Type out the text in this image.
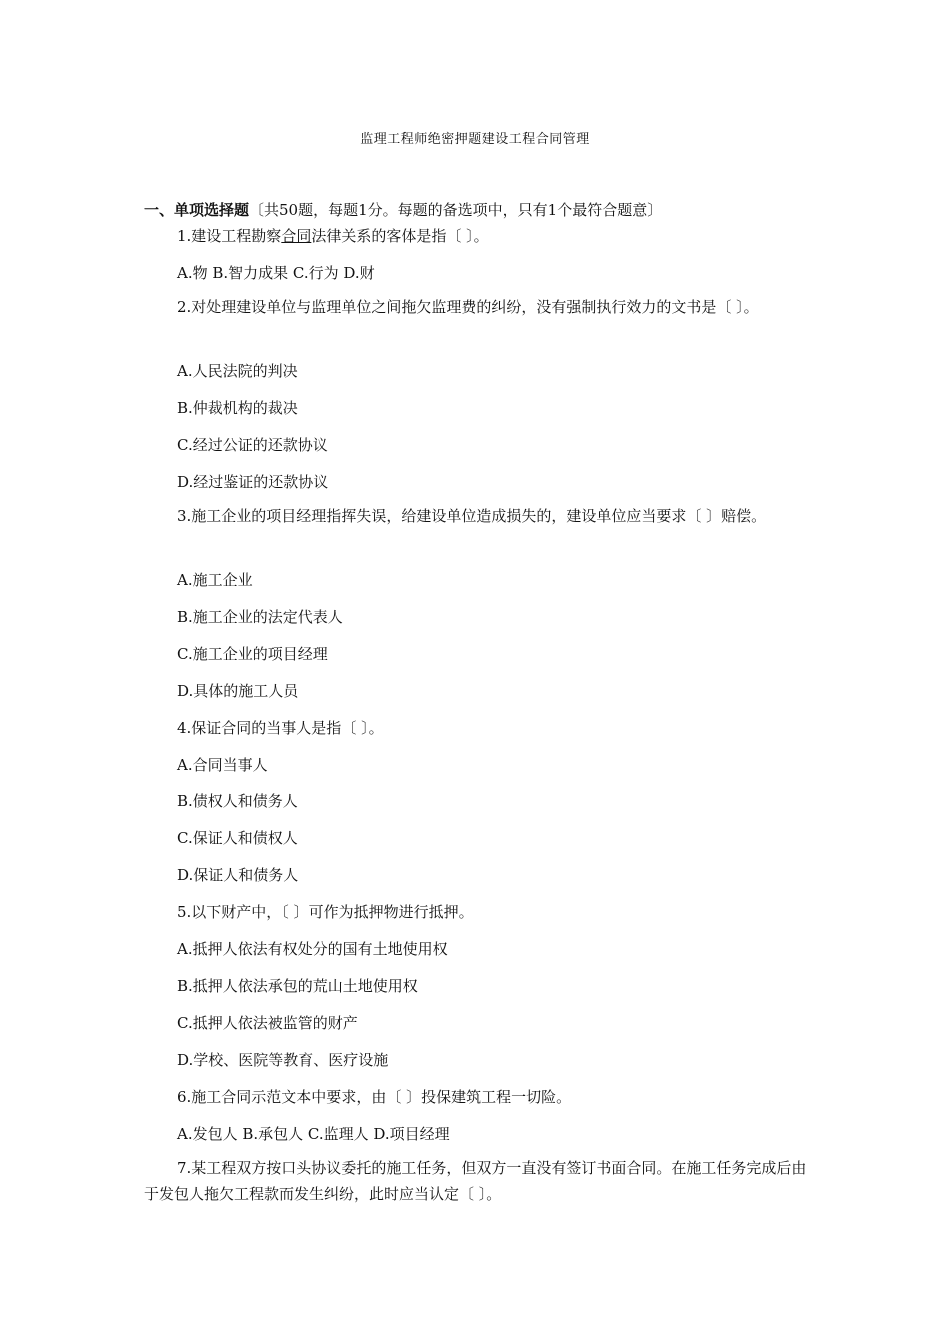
监理工程师绝密押题建设工程合同管理
一、单项选择题〔共50题，每题1分。每题的备选项中，只有1个最符合题意〕
1.建设工程勘察合同法律关系的客体是指〔 〕。
A.物 B.智力成果 C.行为 D.财
2.对处理建设单位与监理单位之间拖欠监理费的纠纷，没有强制执行效力的文书是〔 〕。
A.人民法院的判决
B.仲裁机构的裁决
C.经过公证的还款协议
D.经过鉴证的还款协议
3.施工企业的项目经理指挥失误，给建设单位造成损失的，建设单位应当要求〔 〕赔偿。
A.施工企业
B.施工企业的法定代表人
C.施工企业的项目经理
D.具体的施工人员
4.保证合同的当事人是指〔 〕。
A.合同当事人
B.债权人和债务人
C.保证人和债权人
D.保证人和债务人
5.以下财产中，〔 〕可作为抵押物进行抵押。
A.抵押人依法有权处分的国有土地使用权
B.抵押人依法承包的荒山土地使用权
C.抵押人依法被监管的财产
D.学校、医院等教育、医疗设施
6.施工合同示范文本中要求，由〔 〕投保建筑工程一切险。
A.发包人 B.承包人 C.监理人 D.项目经理
7.某工程双方按口头协议委托的施工任务，但双方一直没有签订书面合同。在施工任务完成后由于发包人拖欠工程款而发生纠纷，此时应当认定〔 〕。
